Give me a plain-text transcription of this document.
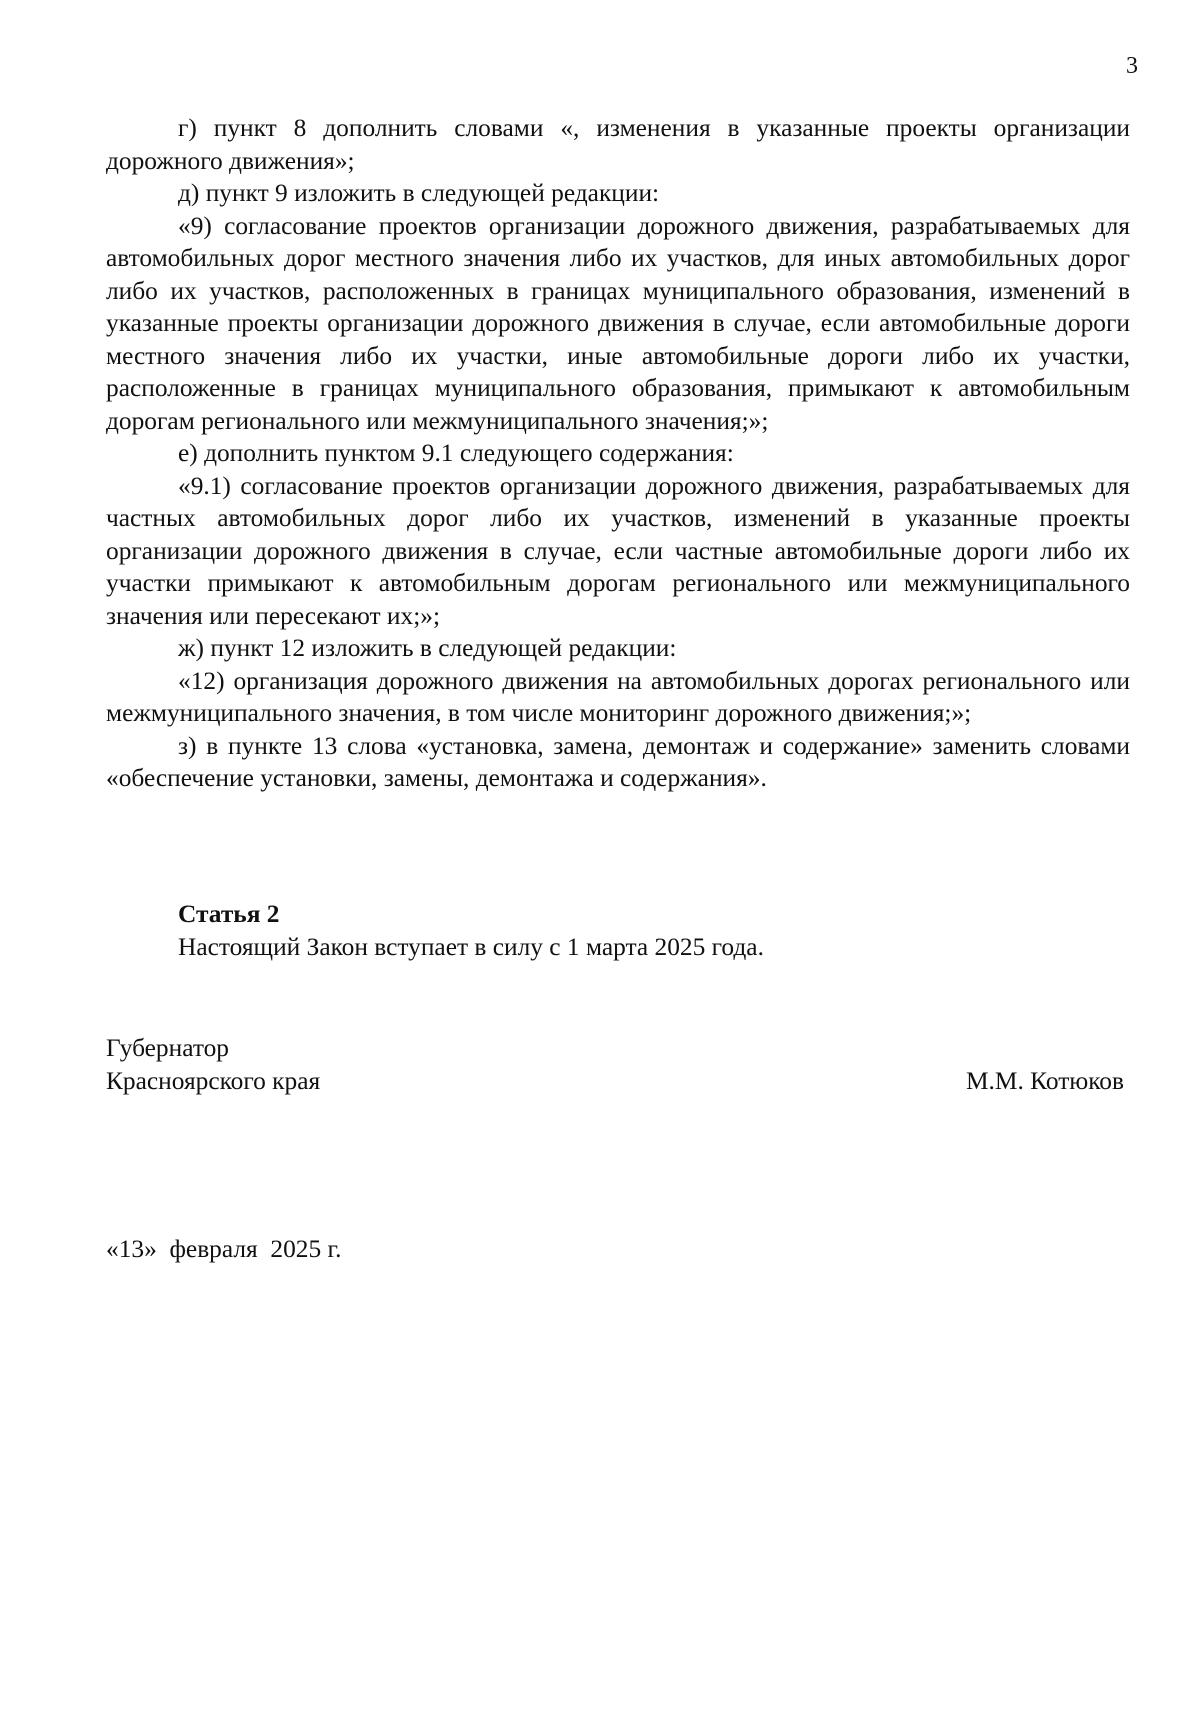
3

г) пункт 8 дополнить словами «, изменения в указанные проекты организации дорожного движения»;

д) пункт 9 изложить в следующей редакции:

«9) согласование проектов организации дорожного движения, разрабатываемых для автомобильных дорог местного значения либо их участков, для иных автомобильных дорог либо их участков, расположенных в границах муниципального образования, изменений в указанные проекты организации дорожного движения в случае, если автомобильные дороги местного значения либо их участки, иные автомобильные дороги либо их участки, расположенные в границах муниципального образования, примыкают к автомобильным дорогам регионального или межмуниципального значения;»;

е) дополнить пунктом 9.1 следующего содержания:

«9.1) согласование проектов организации дорожного движения, разрабатываемых для частных автомобильных дорог либо их участков, изменений в указанные проекты организации дорожного движения в случае, если частные автомобильные дороги либо их участки примыкают к автомобильным дорогам регионального или межмуниципального значения или пересекают их;»;

ж) пункт 12 изложить в следующей редакции:

«12) организация дорожного движения на автомобильных дорогах регионального или межмуниципального значения, в том числе мониторинг дорожного движения;»;

з) в пункте 13 слова «установка, замена, демонтаж и содержание» заменить словами «обеспечение установки, замены, демонтажа и содержания».

Статья 2

Настоящий Закон вступает в силу с 1 марта 2025 года.

Губернатор

Красноярского края	М.М. Котюков
«13»  февраля  2025 г.
